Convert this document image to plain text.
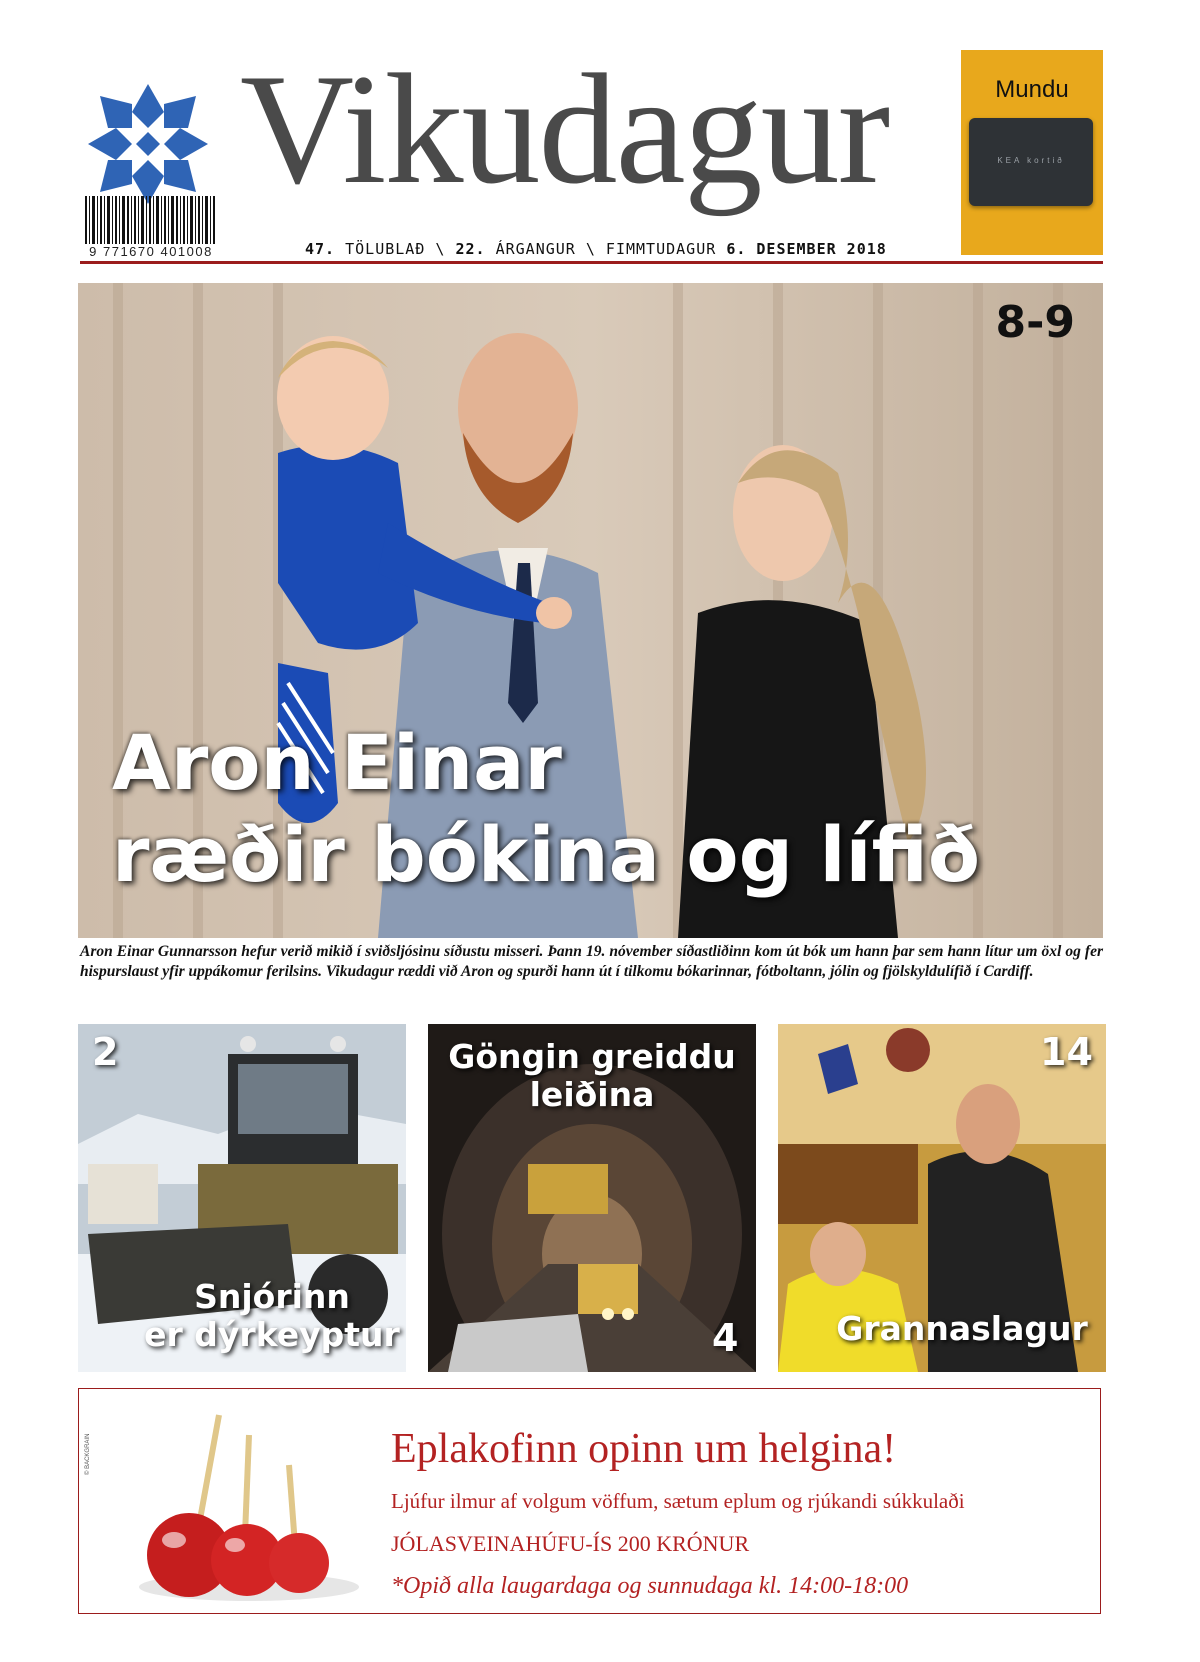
9 771670 401008
Vikudagur
47. TÖLUBLAÐ \ 22. ÁRGANGUR \ FIMMTUDAGUR 6. DESEMBER 2018
Mundu
KEA kortið
8-9
Aron Einar
ræðir bókina og lífið
Aron Einar Gunnarsson hefur verið mikið í sviðsljósinu síðustu misseri. Þann 19. nóvember síðastliðinn kom út bók um hann þar sem hann lítur um öxl og fer hispurslaust yfir uppákomur ferilsins. Vikudagur ræddi við Aron og spurði hann út í tilkomu bókarinnar, fótboltann, jólin og fjölskyldulífið í Cardiff.
2
Snjórinn
er dýrkeyptur
Göngin greiddu
leiðina
4
14
Grannaslagur
© BACKGRAIN	Eplakofinn opinn um helgina!
Ljúfur ilmur af volgum vöffum, sætum eplum og rjúkandi súkkulaði
JÓLASVEINAHÚFU-ÍS 200 KRÓNUR
*Opið alla laugardaga og sunnudaga kl. 14:00-18:00
